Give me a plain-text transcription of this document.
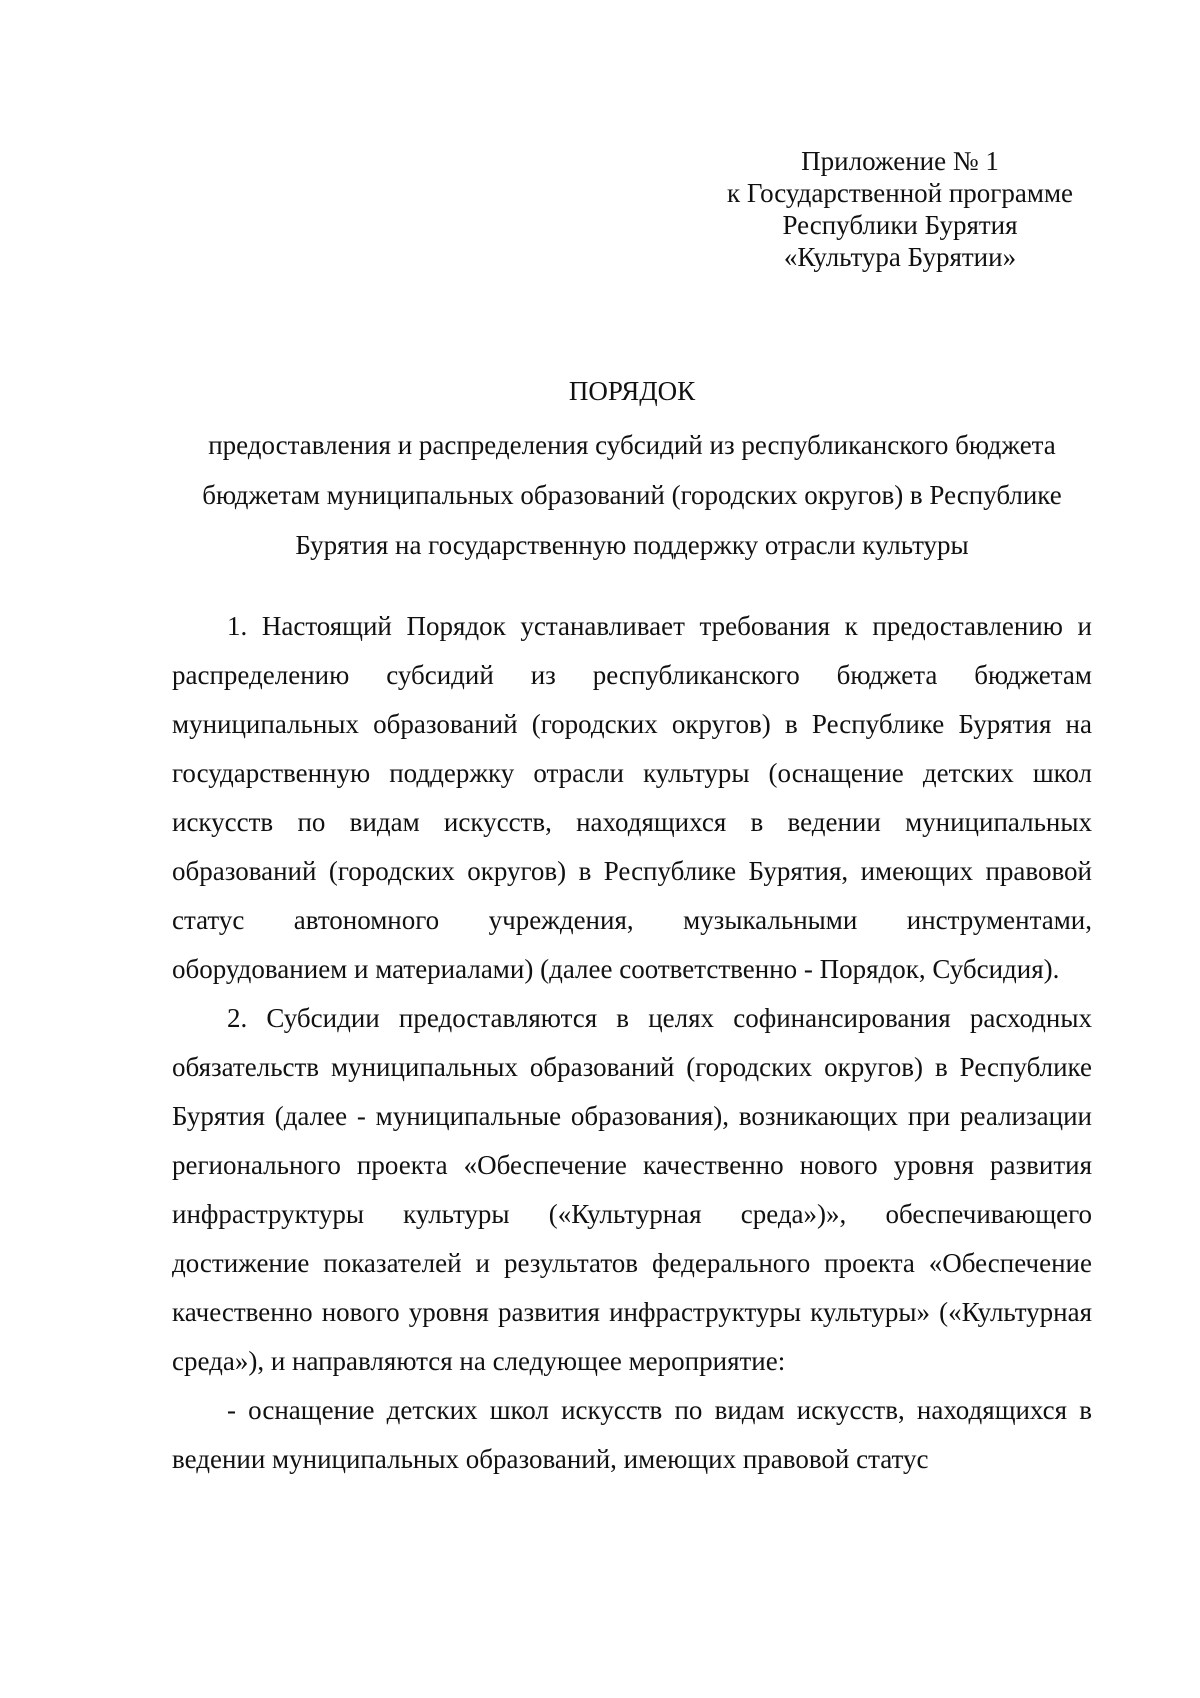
Приложение № 1
к Государственной программе
Республики Бурятия
«Культура Бурятии»
ПОРЯДОК
предоставления и распределения субсидий из республиканского бюджета
бюджетам муниципальных образований (городских округов) в Республике
Бурятия на государственную поддержку отрасли культуры

1. Настоящий Порядок устанавливает требования к предоставлению и распределению субсидий из республиканского бюджета бюджетам муниципальных образований (городских округов) в Республике Бурятия на государственную поддержку отрасли культуры (оснащение детских школ искусств по видам искусств, находящихся в ведении муниципальных образований (городских округов) в Республике Бурятия, имеющих правовой статус автономного учреждения, музыкальными инструментами, оборудованием и материалами) (далее соответственно - Порядок, Субсидия).

2. Субсидии предоставляются в целях софинансирования расходных обязательств муниципальных образований (городских округов) в Республике Бурятия (далее - муниципальные образования), возникающих при реализации регионального проекта «Обеспечение качественно нового уровня развития инфраструктуры культуры («Культурная среда»)», обеспечивающего достижение показателей и результатов федерального проекта «Обеспечение качественно нового уровня развития инфраструктуры культуры» («Культурная среда»), и направляются на следующее мероприятие:

- оснащение детских школ искусств по видам искусств, находящихся в ведении муниципальных образований, имеющих правовой статус
